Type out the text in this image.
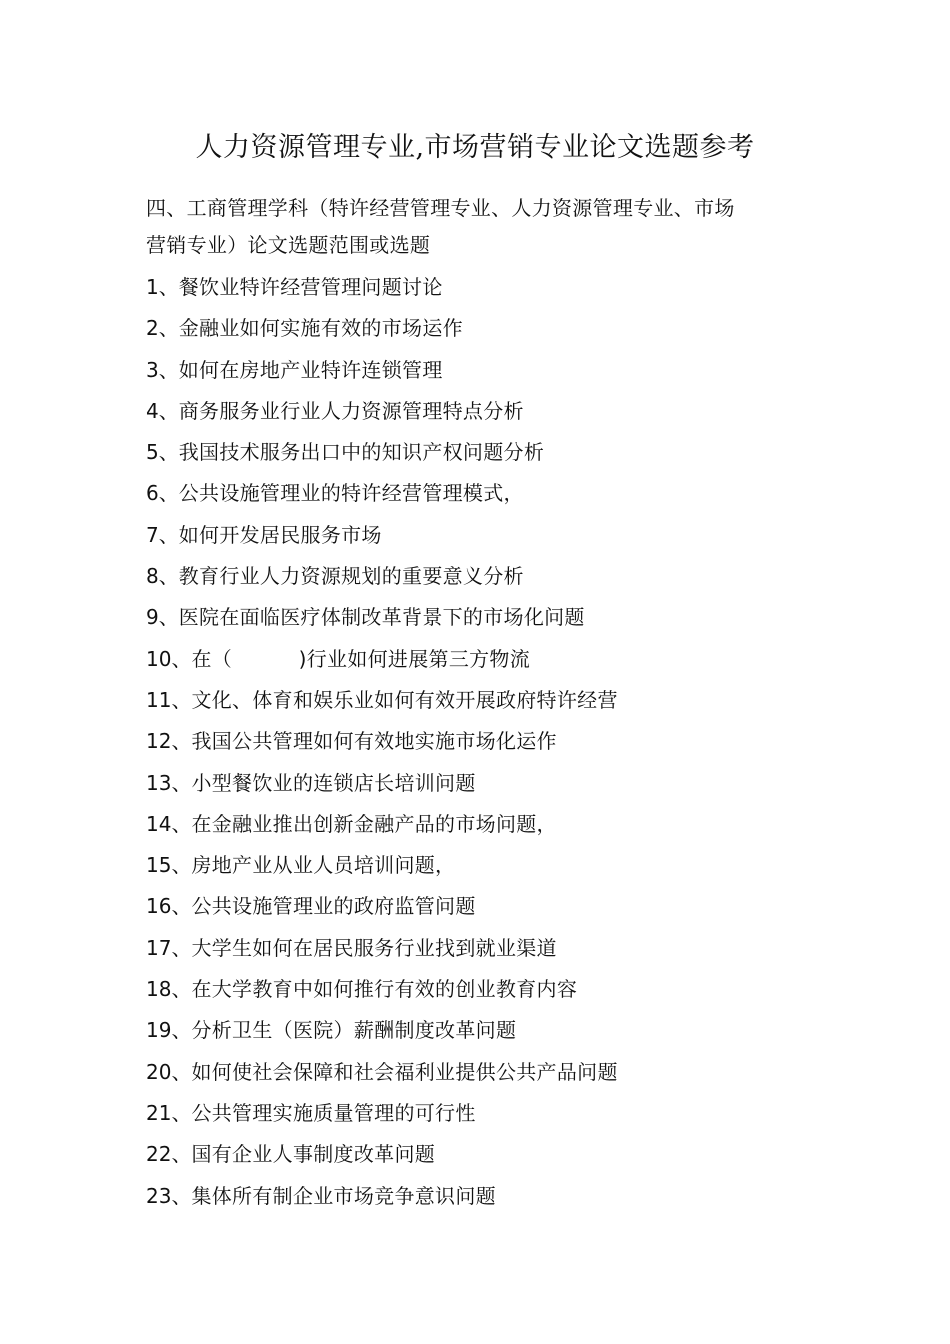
人力资源管理专业,市场营销专业论文选题参考
四、工商管理学科（特许经营管理专业、人力资源管理专业、市场
营销专业）论文选题范围或选题
1、餐饮业特许经营管理问题讨论
2、金融业如何实施有效的市场运作
3、如何在房地产业特许连锁管理
4、商务服务业行业人力资源管理特点分析
5、我国技术服务出口中的知识产权问题分析
6、公共设施管理业的特许经营管理模式，
7、如何开发居民服务市场
8、教育行业人力资源规划的重要意义分析
9、医院在面临医疗体制改革背景下的市场化问题
10、在（          )行业如何进展第三方物流
11、文化、体育和娱乐业如何有效开展政府特许经营
12、我国公共管理如何有效地实施市场化运作
13、小型餐饮业的连锁店长培训问题
14、在金融业推出创新金融产品的市场问题，
15、房地产业从业人员培训问题，
16、公共设施管理业的政府监管问题
17、大学生如何在居民服务行业找到就业渠道
18、在大学教育中如何推行有效的创业教育内容
19、分析卫生（医院）薪酬制度改革问题
20、如何使社会保障和社会福利业提供公共产品问题
21、公共管理实施质量管理的可行性
22、国有企业人事制度改革问题
23、集体所有制企业市场竞争意识问题
